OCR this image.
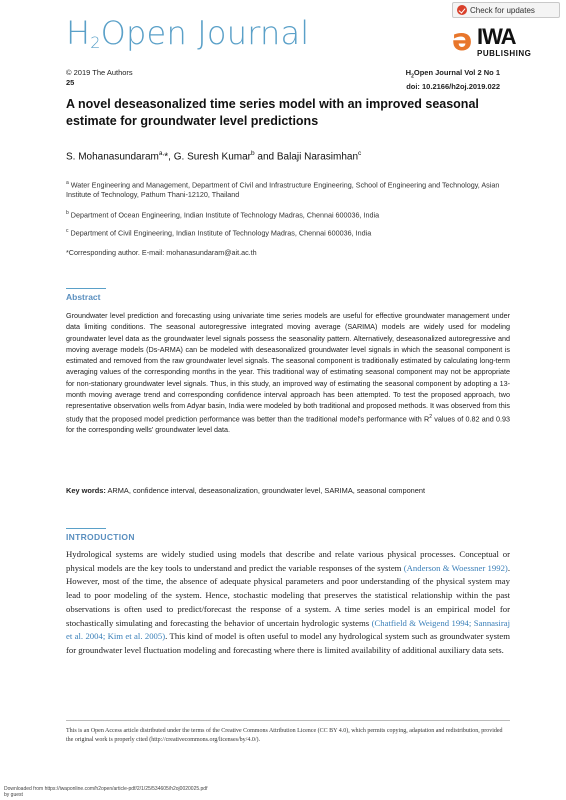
$H_2Open$ Journal
Check for updates
ə IWA
PUBLISHING
© 2019 The Authors
25
$H_2Open$ Journal Vol 2 No 1
doi: 10.2166/h2oj.2019.022
A novel deseasonalized time series model with an improved seasonal estimate for groundwater level predictions
S. Mohanasundaram$^{a,}$*, G. Suresh Kumar$^b$ and Balaji Narasimhan$^c$
$^a$ Water Engineering and Management, Department of Civil and Infrastructure Engineering, School of Engineering and Technology, Asian Institute of Technology, Pathum Thani-12120, Thailand
$^b$ Department of Ocean Engineering, Indian Institute of Technology Madras, Chennai 600036, India
$^c$ Department of Civil Engineering, Indian Institute of Technology Madras, Chennai 600036, India
*Corresponding author. E-mail: mohanasundaram@ait.ac.th
Abstract
Groundwater level prediction and forecasting using univariate time series models are useful for effective groundwater management under data limiting conditions. The seasonal autoregressive integrated moving average (SARIMA) models are widely used for modeling groundwater level data as the groundwater level signals possess the seasonality pattern. Alternatively, deseasonalized autoregressive and moving average models (Ds-ARMA) can be modeled with deseasonalized groundwater level signals in which the seasonal component is estimated and removed from the raw groundwater level signals. The seasonal component is traditionally estimated by calculating long-term averaging values of the corresponding months in the year. This traditional way of estimating seasonal component may not be appropriate for non-stationary groundwater level signals. Thus, in this study, an improved way of estimating the seasonal component by adopting a 13-month moving average trend and corresponding confidence interval approach has been attempted. To test the proposed approach, two representative observation wells from Adyar basin, India were modeled by both traditional and proposed methods. It was observed from this study that the proposed model prediction performance was better than the traditional model's performance with $R^2$ values of 0.82 and 0.93 for the corresponding wells' groundwater level data.
Key words: ARMA, confidence interval, deseasonalization, groundwater level, SARIMA, seasonal component
INTRODUCTION
Hydrological systems are widely studied using models that describe and relate various physical processes. Conceptual or physical models are the key tools to understand and predict the variable responses of the system (Anderson & Woessner 1992). However, most of the time, the absence of adequate physical parameters and poor understanding of the physical system may lead to poor modeling of the system. Hence, stochastic modeling that preserves the statistical relationship within the past observations is often used to predict/forecast the response of a system. A time series model is an empirical model for stochastically simulating and forecasting the behavior of uncertain hydrologic systems (Chatfield & Weigend 1994; Sannasiraj et al. 2004; Kim et al. 2005). This kind of model is often useful to model any hydrological system such as groundwater system for groundwater level fluctuation modeling and forecasting where there is limited availability of additional auxiliary data sets.
This is an Open Access article distributed under the terms of the Creative Commons Attribution Licence (CC BY 4.0), which permits copying, adaptation and redistribution, provided the original work is properly cited (http://creativecommons.org/licenses/by/4.0/).
Downloaded from https://iwaponline.com/h2open/article-pdf/2/1/25/534605/h2oj0020025.pdf
by guest
